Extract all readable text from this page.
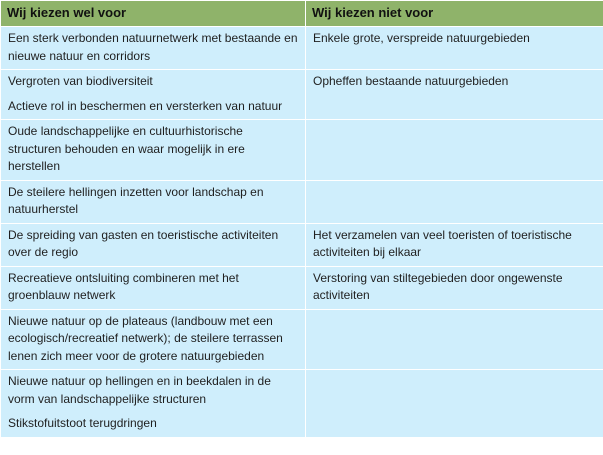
Wij kiezen wel voor	Wij kiezen niet voor
Een sterk verbonden natuurnetwerk met bestaande en nieuwe natuur en corridors	Enkele grote, verspreide natuurgebieden
Vergroten van biodiversiteit	Opheffen bestaande natuurgebieden
Actieve rol in beschermen en versterken van natuur	
Oude landschappelijke en cultuurhistorische structuren behouden en waar mogelijk in ere herstellen	
De steilere hellingen inzetten voor landschap en natuurherstel	
De spreiding van gasten en toeristische activiteiten over de regio	Het verzamelen van veel toeristen of toeristische activiteiten bij elkaar
Recreatieve ontsluiting combineren met het groenblauw netwerk	Verstoring van stiltegebieden door ongewenste activiteiten
Nieuwe natuur op de plateaus (landbouw met een ecologisch/recreatief netwerk); de steilere terrassen lenen zich meer voor de grotere natuurgebieden	
Nieuwe natuur op hellingen en in beekdalen in de vorm van landschappelijke structuren	
Stikstofuitstoot terugdringen	
